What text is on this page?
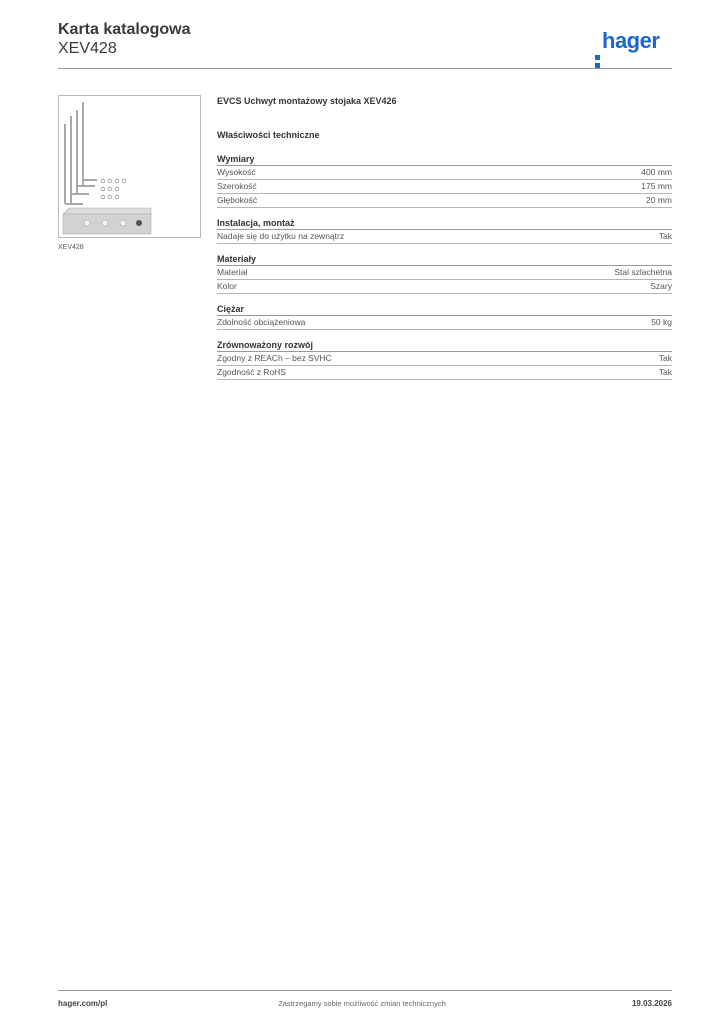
Karta katalogowa
XEV428	hager
XEV428
EVCS Uchwyt montażowy stojaka XEV426
Właściwości techniczne
Wymiary
Wysokość	400 mm
Szerokość	175 mm
Głębokość	20 mm
Instalacja, montaż
Nadaje się do użytku na zewnątrz	Tak
Materiały
Materiał	Stal szlachetna
Kolor	Szary
Ciężar
Zdolność obciążeniowa	50 kg
Zrównoważony rozwój
Zgodny z REACh – bez SVHC	Tak
Zgodność z RoHS	Tak
hager.com/pl	Zastrzegamy sobie możliwość zmian technicznych	19.03.2026
